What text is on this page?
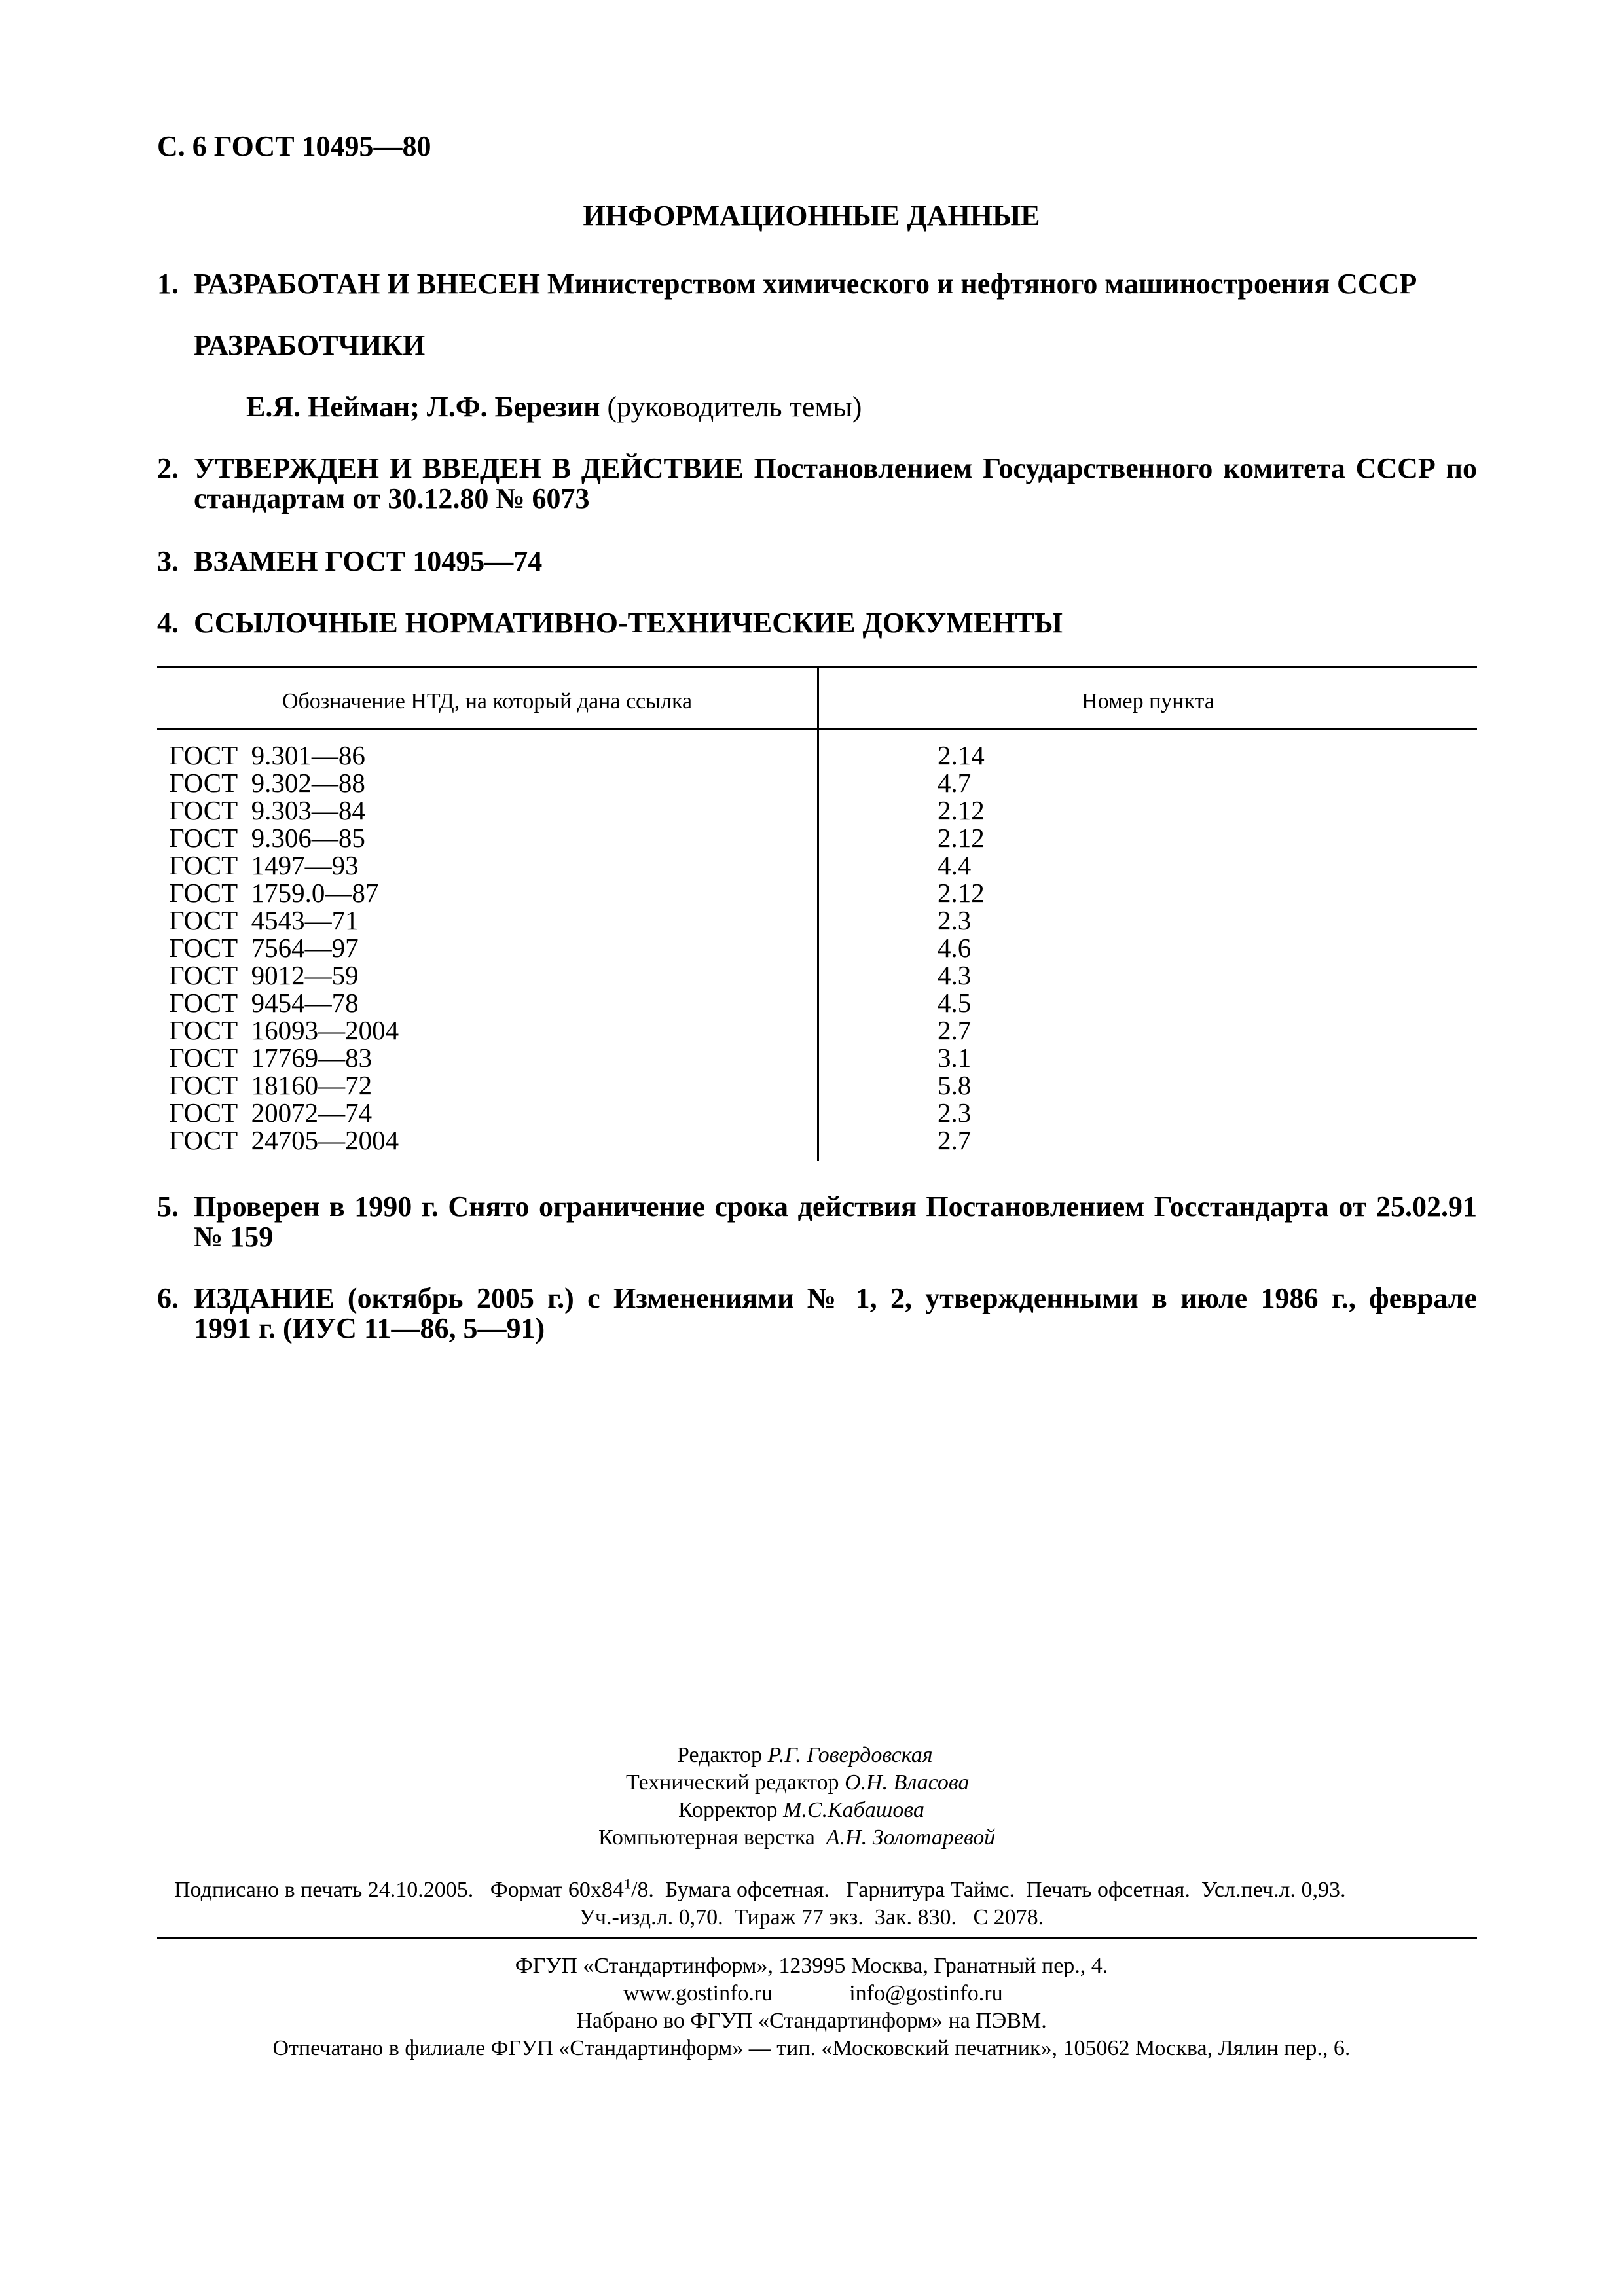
С. 6 ГОСТ 10495—80
ИНФОРМАЦИОННЫЕ ДАННЫЕ
1. РАЗРАБОТАН И ВНЕСЕН Министерством химического и нефтяного машиностроения СССР
РАЗРАБОТЧИКИ
Е.Я. Нейман; Л.Ф. Березин (руководитель темы)
2. УТВЕРЖДЕН И ВВЕДЕН В ДЕЙСТВИЕ Постановлением Государственного комитета СССР по
стандартам от 30.12.80 № 6073
3. ВЗАМЕН ГОСТ 10495—74
4. ССЫЛОЧНЫЕ НОРМАТИВНО-ТЕХНИЧЕСКИЕ ДОКУМЕНТЫ
Обозначение НТД, на который дана ссылка	Номер пункта
ГОСТ  9.301—86	2.14
ГОСТ  9.302—88	4.7
ГОСТ  9.303—84	2.12
ГОСТ  9.306—85	2.12
ГОСТ  1497—93	4.4
ГОСТ  1759.0—87	2.12
ГОСТ  4543—71	2.3
ГОСТ  7564—97	4.6
ГОСТ  9012—59	4.3
ГОСТ  9454—78	4.5
ГОСТ  16093—2004	2.7
ГОСТ  17769—83	3.1
ГОСТ  18160—72	5.8
ГОСТ  20072—74	2.3
ГОСТ  24705—2004	2.7
5. Проверен в 1990 г. Снято ограничение срока действия Постановлением Госстандарта от 25.02.91
№ 159
6. ИЗДАНИЕ (октябрь 2005 г.) с Изменениями № 1, 2, утвержденными в июле 1986 г., феврале
1991 г. (ИУС 11—86, 5—91)
Редактор Р.Г. Говердовская
Технический редактор О.Н. Власова
Корректор М.С.Кабашова
Компьютерная верстка А.Н. Золотаревой
Подписано в печать 24.10.2005.   Формат $60x84^1/8$.  Бумага офсетная.   Гарнитура Таймс.  Печать офсетная.  Усл.печ.л. 0,93.
Уч.-изд.л. 0,70.  Тираж 77 экз.  Зак. 830.   С 2078.
ФГУП «Стандартинформ», 123995 Москва, Гранатный пер., 4.
www.gostinfo.ru	info@gostinfo.ru
Набрано во ФГУП «Стандартинформ» на ПЭВМ.
Отпечатано в филиале ФГУП «Стандартинформ» — тип. «Московский печатник», 105062 Москва, Лялин пер., 6.
